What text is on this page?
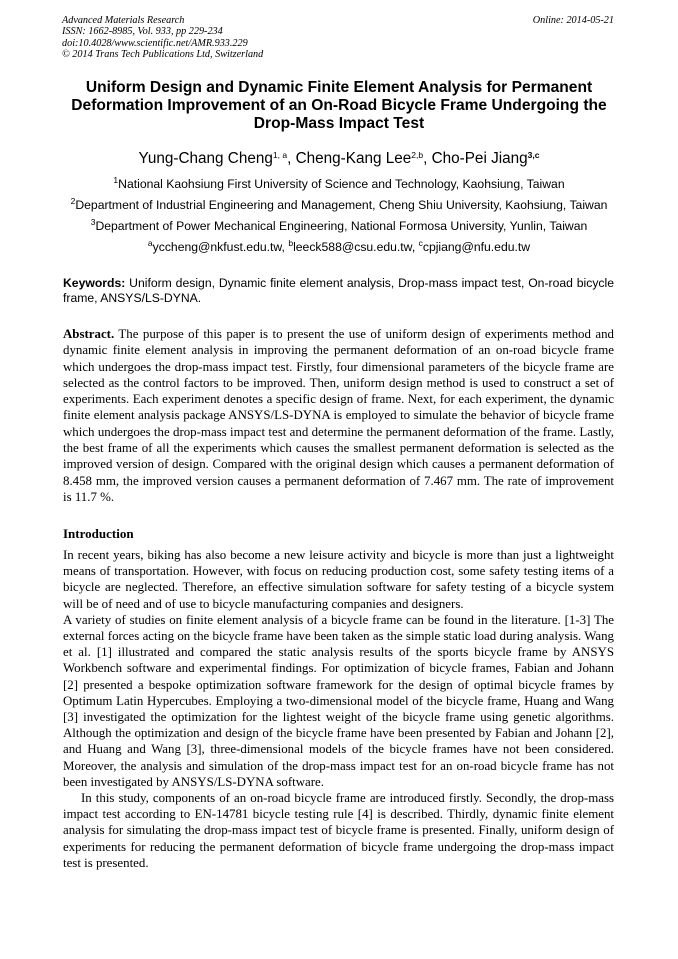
Advanced Materials Research
ISSN: 1662-8985, Vol. 933, pp 229-234
doi:10.4028/www.scientific.net/AMR.933.229
© 2014 Trans Tech Publications Ltd, Switzerland
Online: 2014-05-21
Uniform Design and Dynamic Finite Element Analysis for Permanent Deformation Improvement of an On-Road Bicycle Frame Undergoing the Drop-Mass Impact Test
Yung-Chang Cheng$^{1, a}$, Cheng-Kang Lee$^{2,b}$, Cho-Pei Jiang$^{3,c}$
$^1$National Kaohsiung First University of Science and Technology, Kaohsiung, Taiwan
$^2$Department of Industrial Engineering and Management, Cheng Shiu University, Kaohsiung, Taiwan
$^3$Department of Power Mechanical Engineering, National Formosa University, Yunlin, Taiwan
$^a$yccheng@nkfust.edu.tw, $^b$leeck588@csu.edu.tw, $^c$cpjiang@nfu.edu.tw
Keywords: Uniform design, Dynamic finite element analysis, Drop-mass impact test, On-road bicycle frame, ANSYS/LS-DYNA.
Abstract. The purpose of this paper is to present the use of uniform design of experiments method and dynamic finite element analysis in improving the permanent deformation of an on-road bicycle frame which undergoes the drop-mass impact test. Firstly, four dimensional parameters of the bicycle frame are selected as the control factors to be improved. Then, uniform design method is used to construct a set of experiments. Each experiment denotes a specific design of frame. Next, for each experiment, the dynamic finite element analysis package ANSYS/LS-DYNA is employed to simulate the behavior of bicycle frame which undergoes the drop-mass impact test and determine the permanent deformation of the frame. Lastly, the best frame of all the experiments which causes the smallest permanent deformation is selected as the improved version of design. Compared with the original design which causes a permanent deformation of 8.458 mm, the improved version causes a permanent deformation of 7.467 mm. The rate of improvement is 11.7 %.
Introduction

In recent years, biking has also become a new leisure activity and bicycle is more than just a lightweight means of transportation. However, with focus on reducing production cost, some safety testing items of a bicycle are neglected. Therefore, an effective simulation software for safety testing of a bicycle system will be of need and of use to bicycle manufacturing companies and designers.

A variety of studies on finite element analysis of a bicycle frame can be found in the literature. [1-3] The external forces acting on the bicycle frame have been taken as the simple static load during analysis. Wang et al. [1] illustrated and compared the static analysis results of the sports bicycle frame by ANSYS Workbench software and experimental findings. For optimization of bicycle frames, Fabian and Johann [2] presented a bespoke optimization software framework for the design of optimal bicycle frames by Optimum Latin Hypercubes. Employing a two-dimensional model of the bicycle frame, Huang and Wang [3] investigated the optimization for the lightest weight of the bicycle frame using genetic algorithms. Although the optimization and design of the bicycle frame have been presented by Fabian and Johann [2], and Huang and Wang [3], three-dimensional models of the bicycle frames have not been considered. Moreover, the analysis and simulation of the drop-mass impact test for an on-road bicycle frame has not been investigated by ANSYS/LS-DYNA software.

In this study, components of an on-road bicycle frame are introduced firstly. Secondly, the drop-mass impact test according to EN-14781 bicycle testing rule [4] is described. Thirdly, dynamic finite element analysis for simulating the drop-mass impact test of bicycle frame is presented. Finally, uniform design of experiments for reducing the permanent deformation of bicycle frame undergoing the drop-mass impact test is presented.
